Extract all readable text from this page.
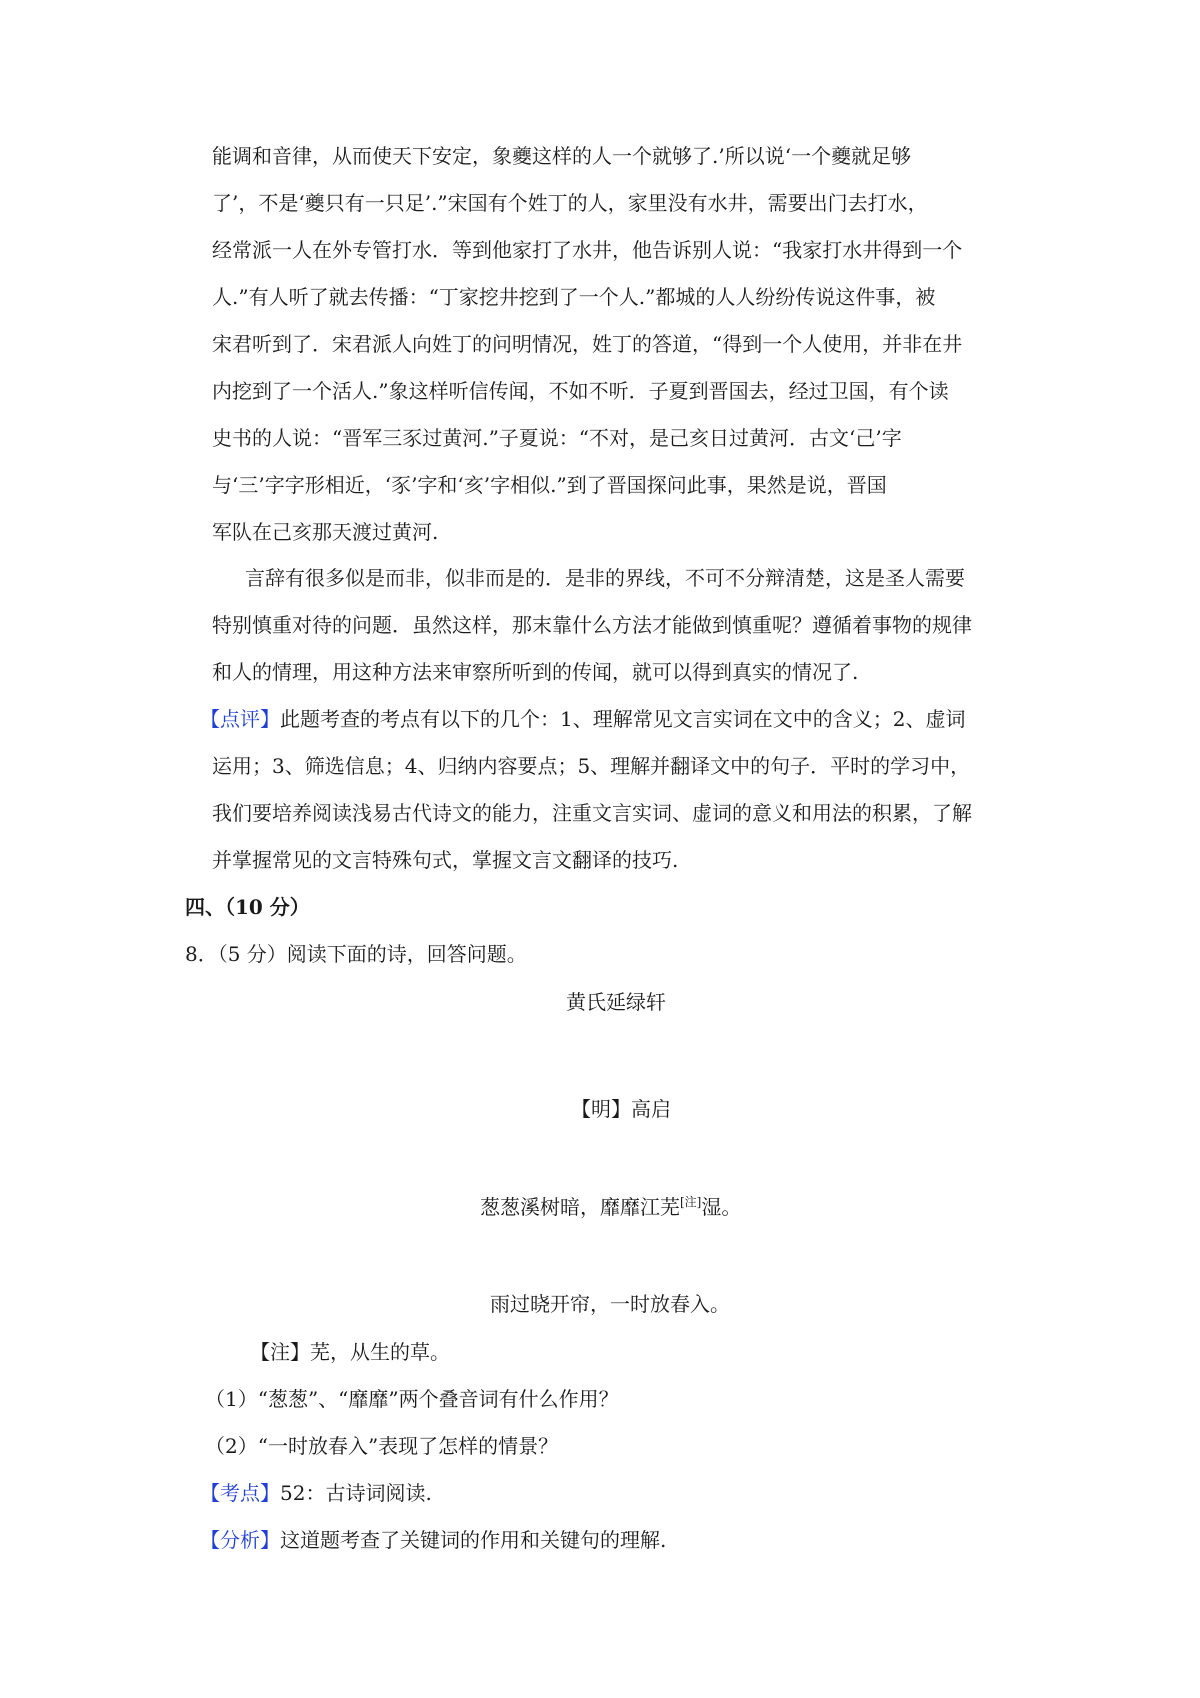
能调和音律，从而使天下安定，象夔这样的人一个就够了.’所以说‘一个夔就足够
了’，不是‘夔只有一只足’.”宋国有个姓丁的人，家里没有水井，需要出门去打水，
经常派一人在外专管打水．等到他家打了水井，他告诉别人说：“我家打水井得到一个
人.”有人听了就去传播：“丁家挖井挖到了一个人.”都城的人人纷纷传说这件事，被
宋君听到了．宋君派人向姓丁的问明情况，姓丁的答道，“得到一个人使用，并非在井
内挖到了一个活人.”象这样听信传闻，不如不听．子夏到晋国去，经过卫国，有个读
史书的人说：“晋军三豕过黄河.”子夏说：“不对，是己亥日过黄河．古文‘己’字
与‘三’字字形相近，‘豕’字和‘亥’字相似.”到了晋国探问此事，果然是说，晋国
军队在己亥那天渡过黄河.
言辞有很多似是而非，似非而是的．是非的界线，不可不分辩清楚，这是圣人需要
特别慎重对待的问题．虽然这样，那末靠什么方法才能做到慎重呢？遵循着事物的规律
和人的情理，用这种方法来审察所听到的传闻，就可以得到真实的情况了.
【点评】此题考查的考点有以下的几个：1、理解常见文言实词在文中的含义；2、虚词
运用；3、筛选信息；4、归纳内容要点；5、理解并翻译文中的句子．平时的学习中，
我们要培养阅读浅易古代诗文的能力，注重文言实词、虚词的意义和用法的积累，了解
并掌握常见的文言特殊句式，掌握文言文翻译的技巧.
四、（10 分）
8．（5 分）阅读下面的诗，回答问题。
黄氏延绿轩
【明】高启
葱葱溪树暗，靡靡江芜[注]湿。
雨过晓开帘，一时放春入。
【注】芜，从生的草。
（1）“葱葱”、“靡靡”两个叠音词有什么作用？
（2）“一时放春入”表现了怎样的情景？
【考点】52：古诗词阅读.
【分析】这道题考查了关键词的作用和关键句的理解.
